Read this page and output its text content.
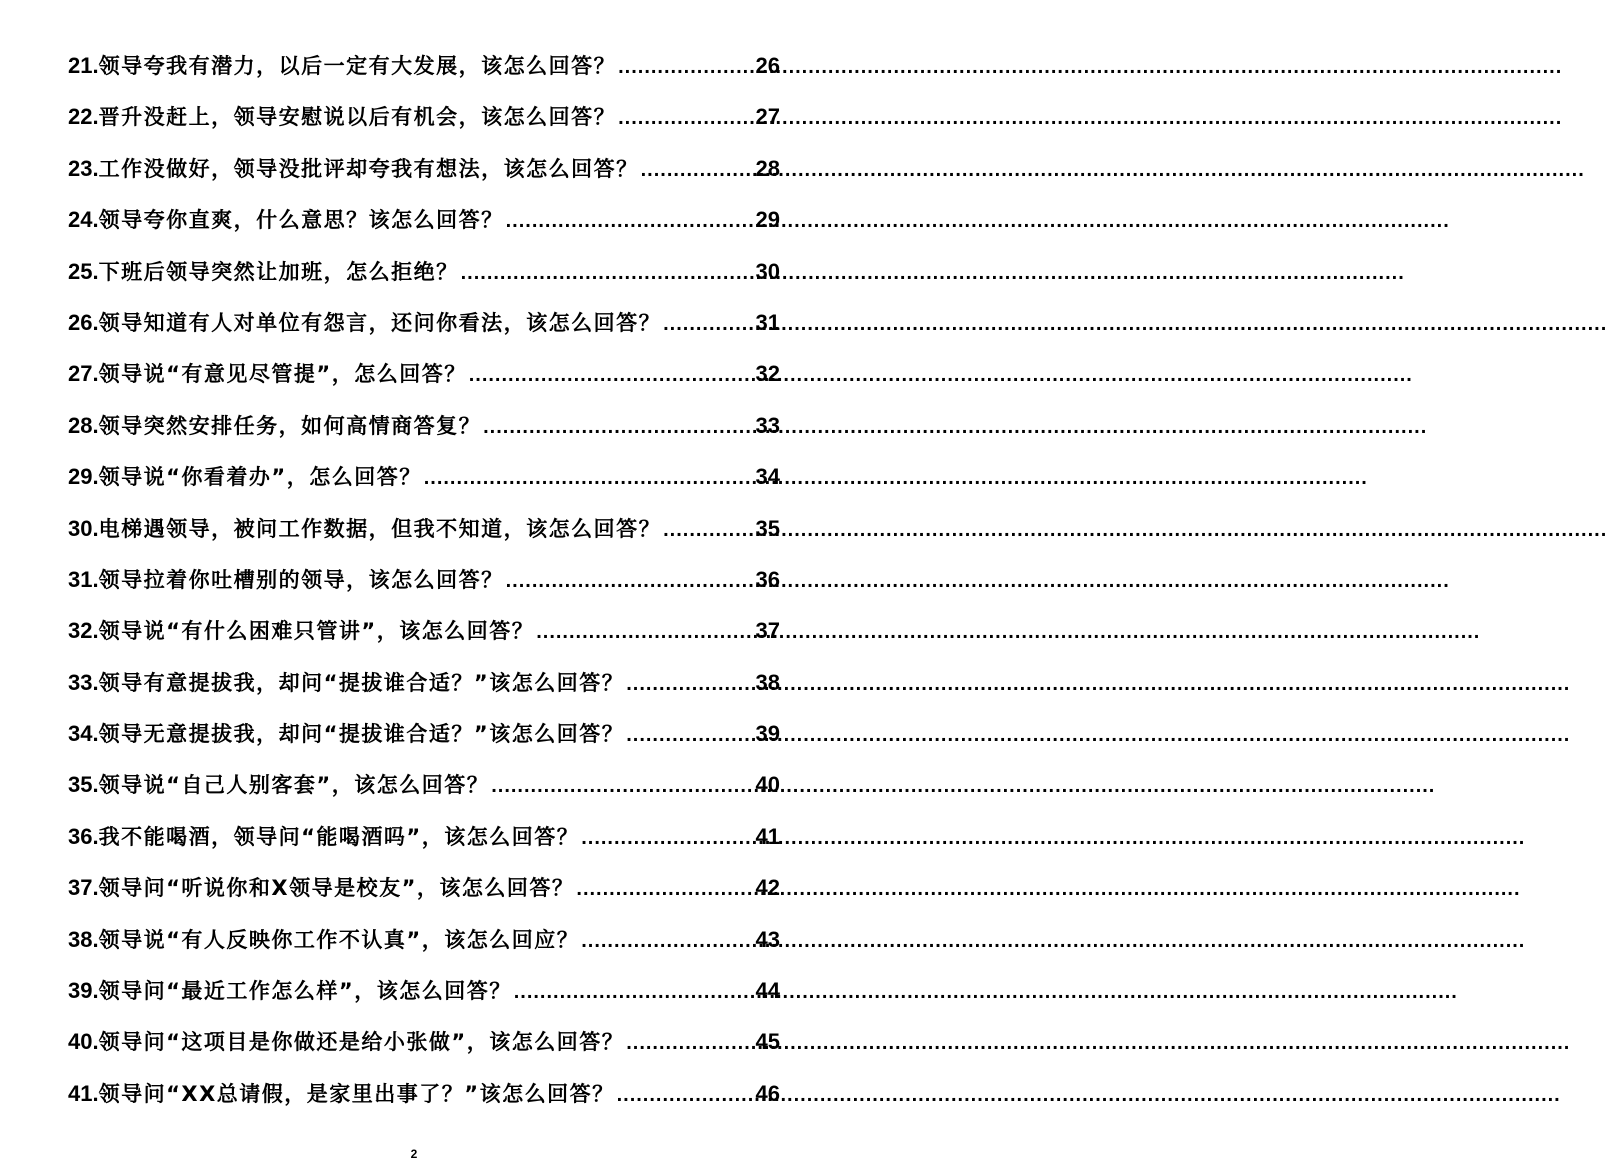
21. 领导夸我有潜力，以后一定有大发展，该怎么回答？ .....	26
22. 晋升没赶上，领导安慰说以后有机会，该怎么回答？ .....	27
23. 工作没做好，领导没批评却夸我有想法，该怎么回答？ .....	28
24. 领导夸你直爽，什么意思？该怎么回答？ .....	29
25. 下班后领导突然让加班，怎么拒绝？ .....	30
26. 领导知道有人对单位有怨言，还问你看法，该怎么回答？ .....	31
27. 领导说“有意见尽管提”，怎么回答？ .....	32
28. 领导突然安排任务，如何高情商答复？ .....	33
29. 领导说“你看着办”，怎么回答？ .....	34
30. 电梯遇领导，被问工作数据，但我不知道，该怎么回答？ .....	35
31. 领导拉着你吐槽别的领导，该怎么回答？ .....	36
32. 领导说“有什么困难只管讲”，该怎么回答？ .....	37
33. 领导有意提拔我，却问“提拔谁合适？”该怎么回答？ .....	38
34. 领导无意提拔我，却问“提拔谁合适？”该怎么回答？ .....	39
35. 领导说“自己人别客套”，该怎么回答？ .....	40
36. 我不能喝酒，领导问“能喝酒吗”，该怎么回答？ .....	41
37. 领导问“听说你和X领导是校友”，该怎么回答？ .....	42
38. 领导说“有人反映你工作不认真”，该怎么回应？ .....	43
39. 领导问“最近工作怎么样”，该怎么回答？ .....	44
40. 领导问“这项目是你做还是给小张做”，该怎么回答？ .....	45
41. 领导问“XX总请假，是家里出事了？”该怎么回答？ .....	46
2
